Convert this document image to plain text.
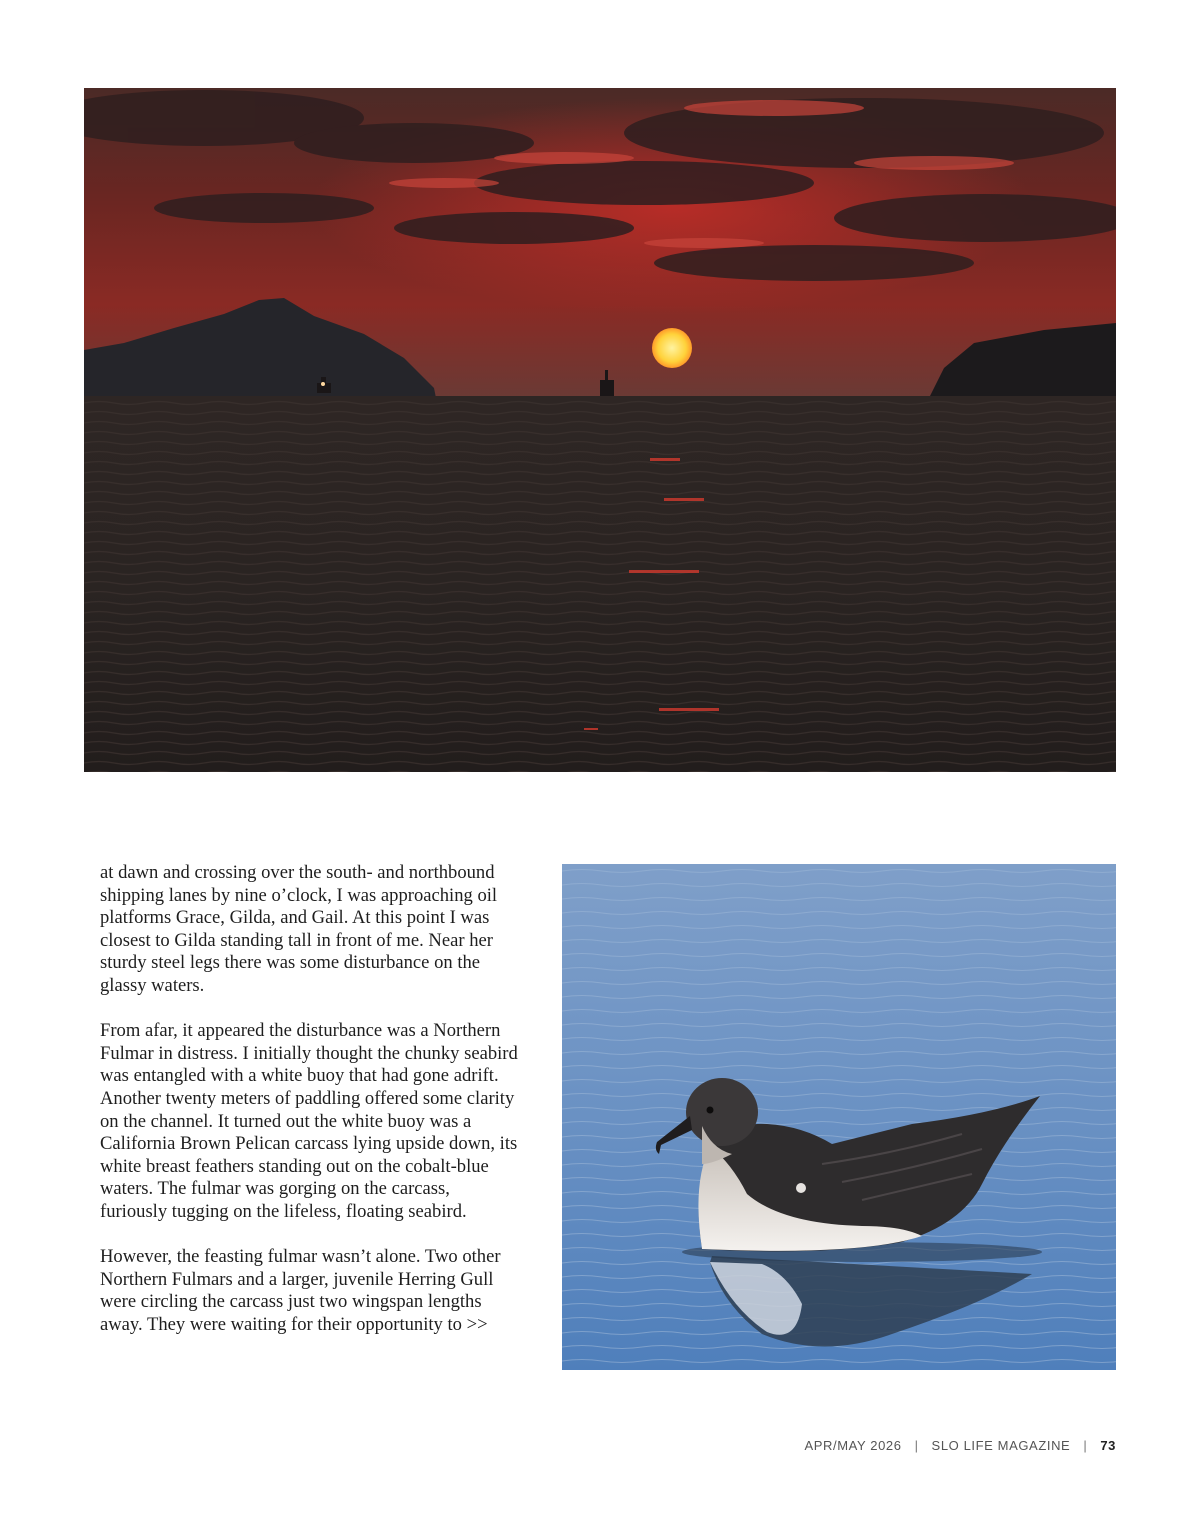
at dawn and crossing over the south- and northbound shipping lanes by nine o’clock, I was approaching oil platforms Grace, Gilda, and Gail. At this point I was closest to Gilda standing tall in front of me. Near her sturdy steel legs there was some disturbance on the glassy waters.

From afar, it appeared the disturbance was a Northern Fulmar in distress. I initially thought the chunky seabird was entangled with a white buoy that had gone adrift. Another twenty meters of paddling offered some clarity on the channel. It turned out the white buoy was a California Brown Pelican carcass lying upside down, its white breast feathers standing out on the cobalt-blue waters. The fulmar was gorging on the carcass, furiously tugging on the lifeless, floating seabird.

However, the feasting fulmar wasn’t alone. Two other Northern Fulmars and a larger, juvenile Herring Gull were circling the carcass just two wingspan lengths away. They were waiting for their opportunity to >>

APR/MAY 2026 | SLO LIFE MAGAZINE | 73
